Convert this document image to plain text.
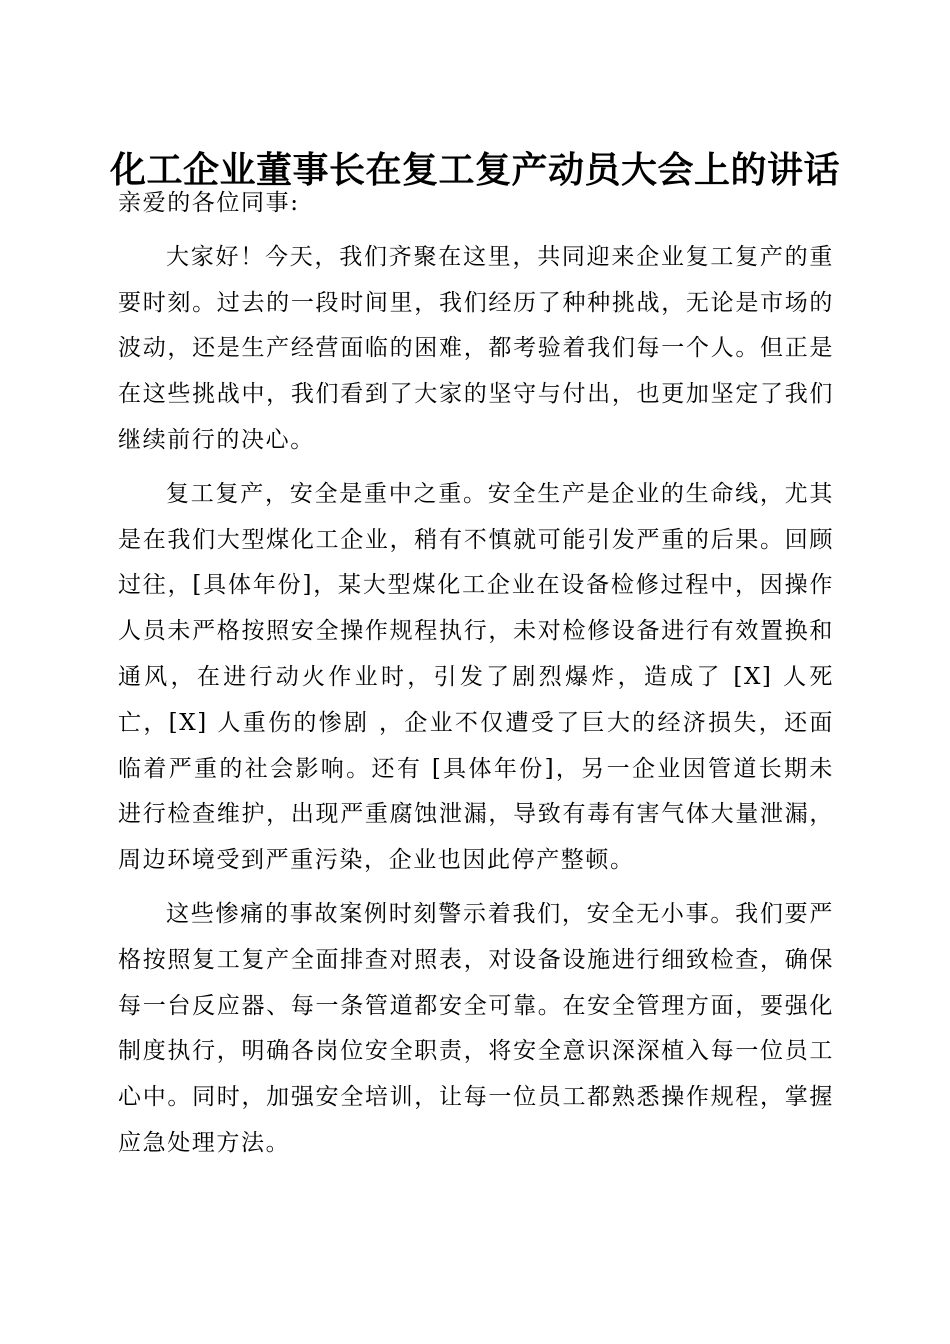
化工企业董事长在复工复产动员大会上的讲话

亲爱的各位同事:

大家好！今天，我们齐聚在这里，共同迎来企业复工复产的重要时刻。过去的一段时间里，我们经历了种种挑战，无论是市场的波动，还是生产经营面临的困难，都考验着我们每一个人。但正是在这些挑战中，我们看到了大家的坚守与付出，也更加坚定了我们继续前行的决心。

复工复产，安全是重中之重。安全生产是企业的生命线，尤其是在我们大型煤化工企业，稍有不慎就可能引发严重的后果。回顾过往，[具体年份]，某大型煤化工企业在设备检修过程中，因操作人员未严格按照安全操作规程执行，未对检修设备进行有效置换和通风，在进行动火作业时，引发了剧烈爆炸，造成了 [X] 人死亡，[X] 人重伤的惨剧 ，企业不仅遭受了巨大的经济损失，还面临着严重的社会影响。还有 [具体年份]，另一企业因管道长期未进行检查维护，出现严重腐蚀泄漏，导致有毒有害气体大量泄漏，周边环境受到严重污染，企业也因此停产整顿。

这些惨痛的事故案例时刻警示着我们，安全无小事。我们要严格按照复工复产全面排查对照表，对设备设施进行细致检查，确保每一台反应器、每一条管道都安全可靠。在安全管理方面，要强化制度执行，明确各岗位安全职责，将安全意识深深植入每一位员工心中。同时，加强安全培训，让每一位员工都熟悉操作规程，掌握应急处理方法。
